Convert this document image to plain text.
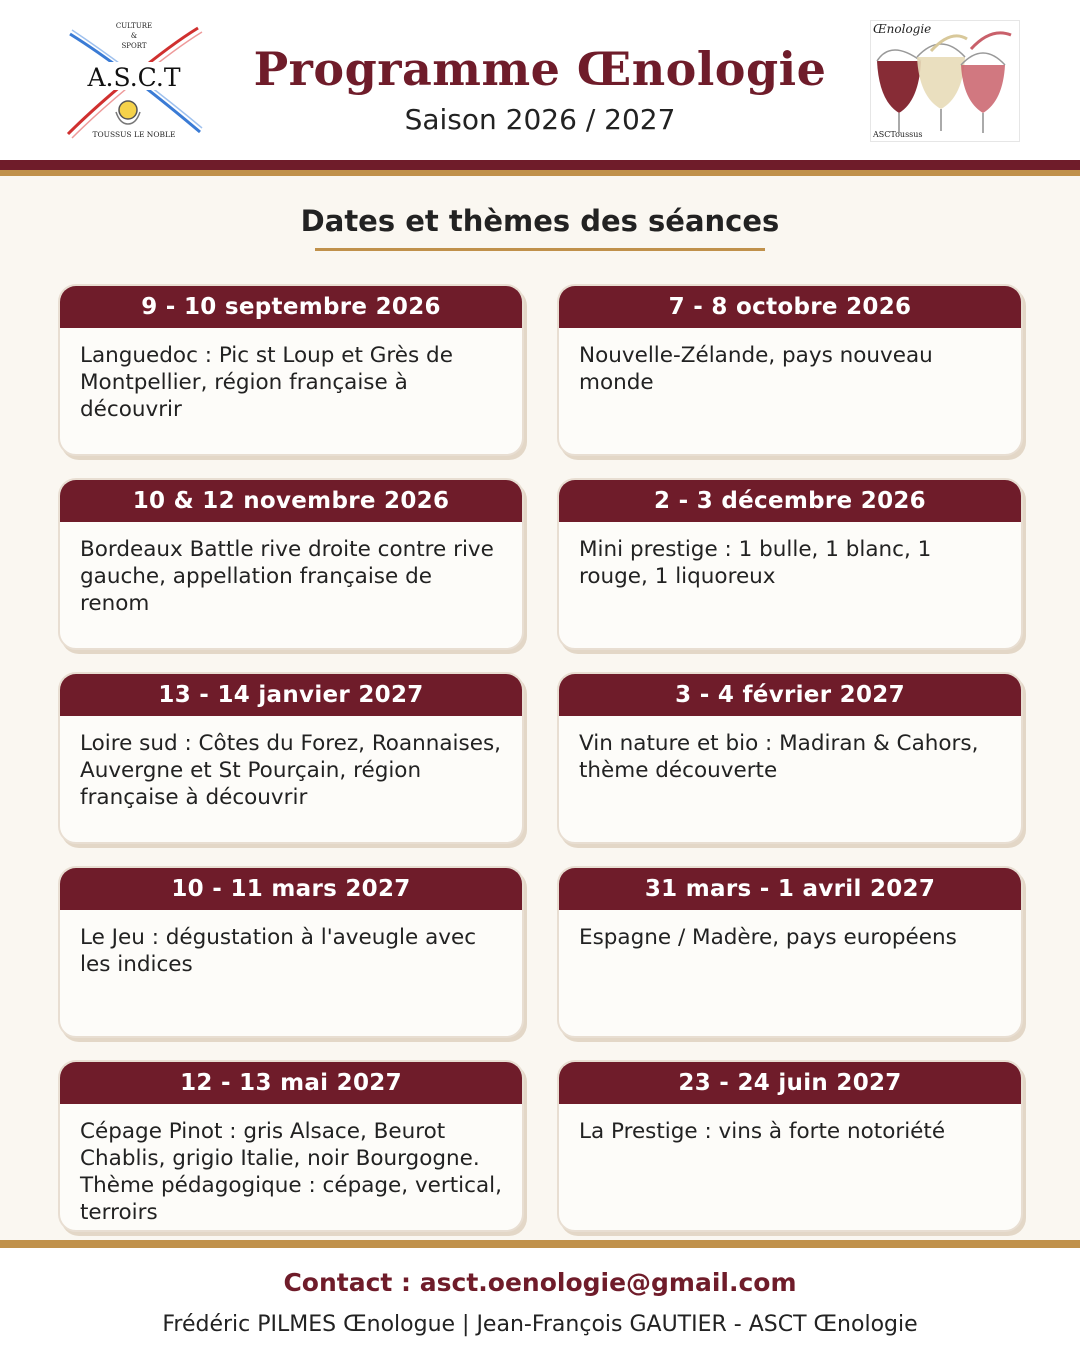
CULTURE
&
SPORT
A.S.C.T
TOUSSUS LE NOBLE
Programme Œnologie
Saison 2026 / 2027
Œnologie
ASCToussus
Dates et thèmes des séances
9 - 10 septembre 2026
Languedoc : Pic st Loup et Grès de Montpellier, région française à découvrir
7 - 8 octobre 2026
Nouvelle-Zélande, pays nouveau monde
10 & 12 novembre 2026
Bordeaux Battle rive droite contre rive gauche, appellation française de renom
2 - 3 décembre 2026
Mini prestige : 1 bulle, 1 blanc, 1 rouge, 1 liquoreux
13 - 14 janvier 2027
Loire sud : Côtes du Forez, Roannaises, Auvergne et St Pourçain, région française à découvrir
3 - 4 février 2027
Vin nature et bio : Madiran & Cahors, thème découverte
10 - 11 mars 2027
Le Jeu : dégustation à l'aveugle avec les indices
31 mars - 1 avril 2027
Espagne / Madère, pays européens
12 - 13 mai 2027
Cépage Pinot : gris Alsace, Beurot Chablis, grigio Italie, noir Bourgogne. Thème pédagogique : cépage, vertical, terroirs
23 - 24 juin 2027
La Prestige : vins à forte notoriété
Contact : asct.oenologie@gmail.com
Frédéric PILMES Œnologue | Jean-François GAUTIER - ASCT Œnologie
